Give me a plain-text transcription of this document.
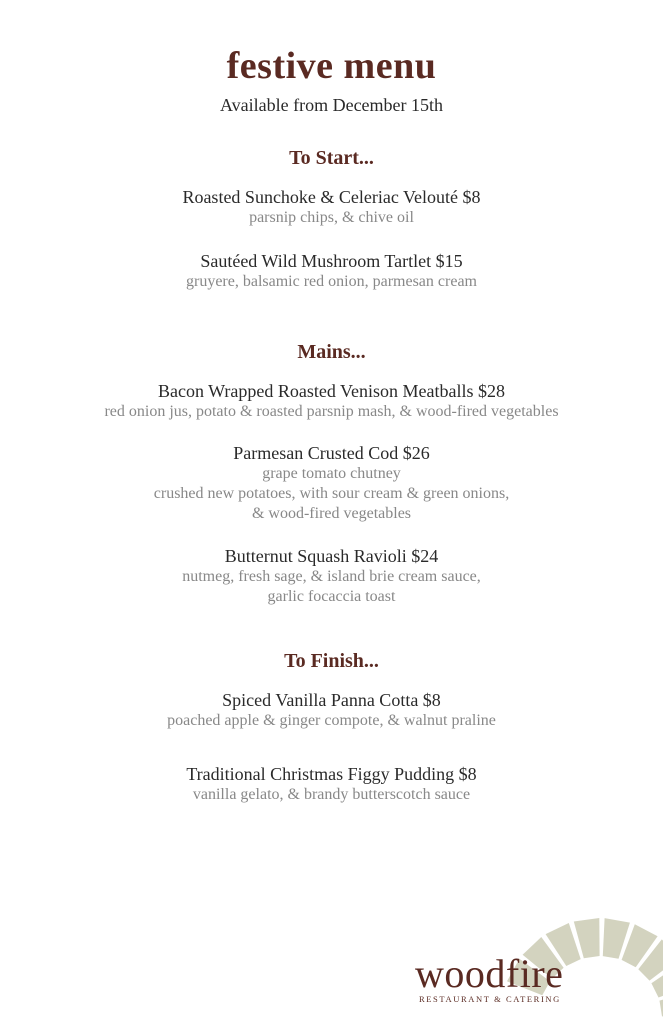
festive menu
Available from December 15th
To Start...
Roasted Sunchoke & Celeriac Velouté $8
parsnip chips, & chive oil
Sautéed Wild Mushroom Tartlet $15
gruyere, balsamic red onion, parmesan cream
Mains...
Bacon Wrapped Roasted Venison Meatballs $28
red onion jus, potato & roasted parsnip mash, & wood-fired vegetables
Parmesan Crusted Cod $26
grape tomato chutney
crushed new potatoes, with sour cream & green onions,
& wood-fired vegetables
Butternut Squash Ravioli $24
nutmeg, fresh sage, & island brie cream sauce,
garlic focaccia toast
To Finish...
Spiced Vanilla Panna Cotta $8
poached apple & ginger compote, & walnut praline
Traditional Christmas Figgy Pudding $8
vanilla gelato, & brandy butterscotch sauce
woodfire
RESTAURANT & CATERING
